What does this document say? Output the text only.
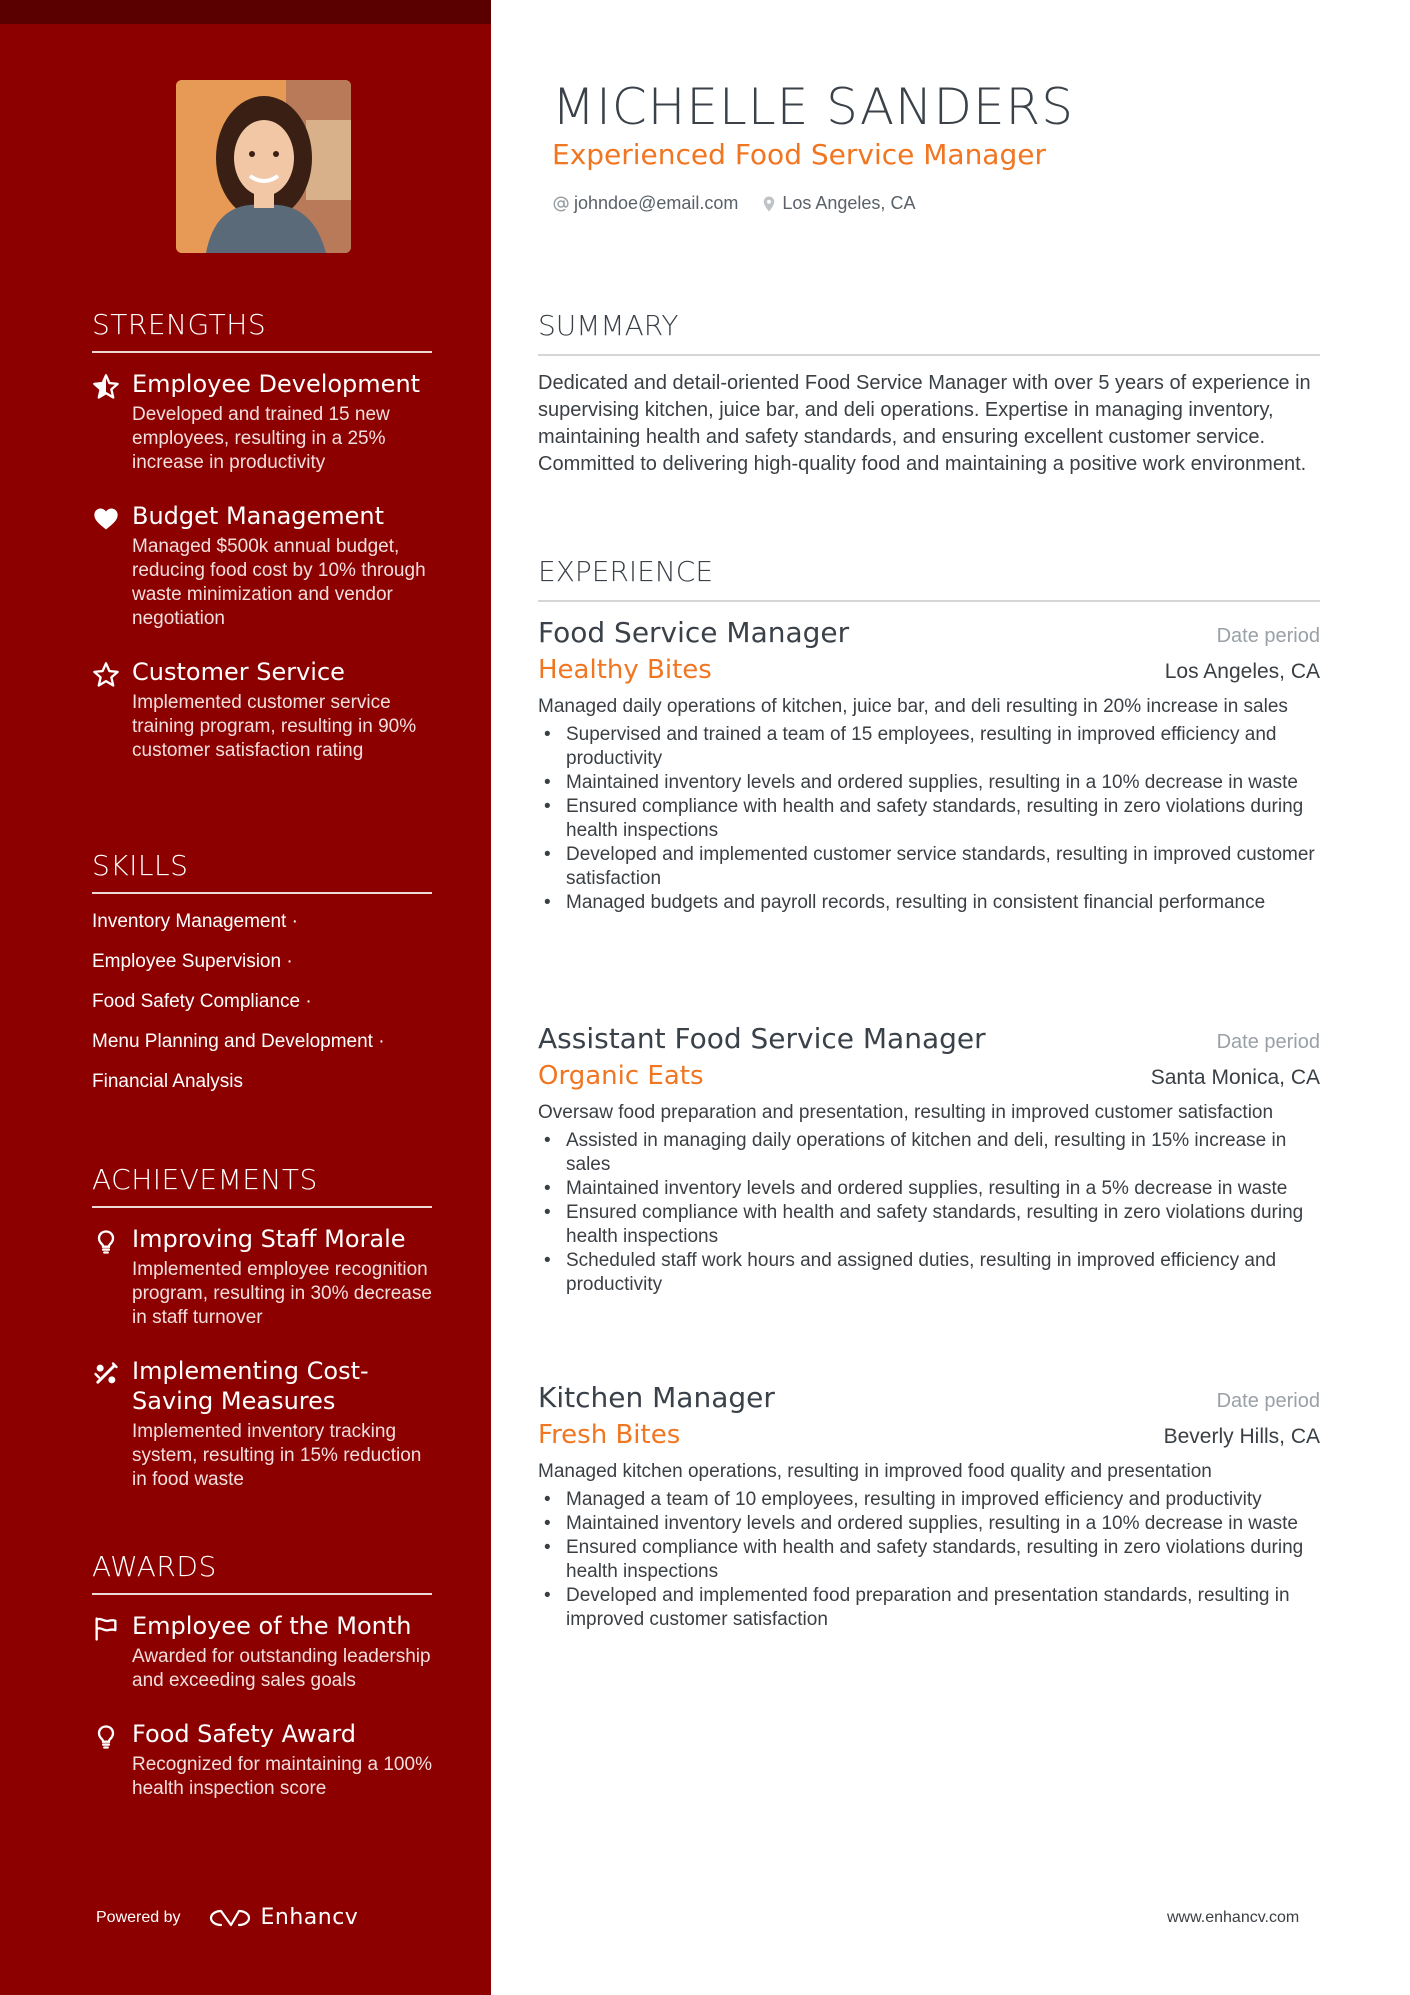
STRENGTHS
Employee Development
Developed and trained 15 new employees, resulting in a 25% increase in productivity
Budget Management
Managed $500k annual budget, reducing food cost by 10% through waste minimization and vendor negotiation
Customer Service
Implemented customer service training program, resulting in 90% customer satisfaction rating
SKILLS
Inventory Management ·
Employee Supervision ·
Food Safety Compliance ·
Menu Planning and Development ·
Financial Analysis
ACHIEVEMENTS
Improving Staff Morale
Implemented employee recognition program, resulting in 30% decrease in staff turnover
Implementing Cost-Saving Measures
Implemented inventory tracking system, resulting in 15% reduction in food waste
AWARDS
Employee of the Month
Awarded for outstanding leadership and exceeding sales goals
Food Safety Award
Recognized for maintaining a 100% health inspection score
Powered by	Enhancv
MICHELLE SANDERS
Experienced Food Service Manager
johndoe@email.com Los Angeles, CA
SUMMARY
Dedicated and detail-oriented Food Service Manager with over 5 years of experience in supervising kitchen, juice bar, and deli operations. Expertise in managing inventory, maintaining health and safety standards, and ensuring excellent customer service. Committed to delivering high-quality food and maintaining a positive work environment.
EXPERIENCE
Food Service Manager	Date period
Healthy Bites	Los Angeles, CA
Managed daily operations of kitchen, juice bar, and deli resulting in 20% increase in sales
• Supervised and trained a team of 15 employees, resulting in improved efficiency and productivity
• Maintained inventory levels and ordered supplies, resulting in a 10% decrease in waste
• Ensured compliance with health and safety standards, resulting in zero violations during health inspections
• Developed and implemented customer service standards, resulting in improved customer satisfaction
• Managed budgets and payroll records, resulting in consistent financial performance
Assistant Food Service Manager	Date period
Organic Eats	Santa Monica, CA
Oversaw food preparation and presentation, resulting in improved customer satisfaction
• Assisted in managing daily operations of kitchen and deli, resulting in 15% increase in sales
• Maintained inventory levels and ordered supplies, resulting in a 5% decrease in waste
• Ensured compliance with health and safety standards, resulting in zero violations during health inspections
• Scheduled staff work hours and assigned duties, resulting in improved efficiency and productivity
Kitchen Manager	Date period
Fresh Bites	Beverly Hills, CA
Managed kitchen operations, resulting in improved food quality and presentation
• Managed a team of 10 employees, resulting in improved efficiency and productivity
• Maintained inventory levels and ordered supplies, resulting in a 10% decrease in waste
• Ensured compliance with health and safety standards, resulting in zero violations during health inspections
• Developed and implemented food preparation and presentation standards, resulting in improved customer satisfaction
www.enhancv.com
